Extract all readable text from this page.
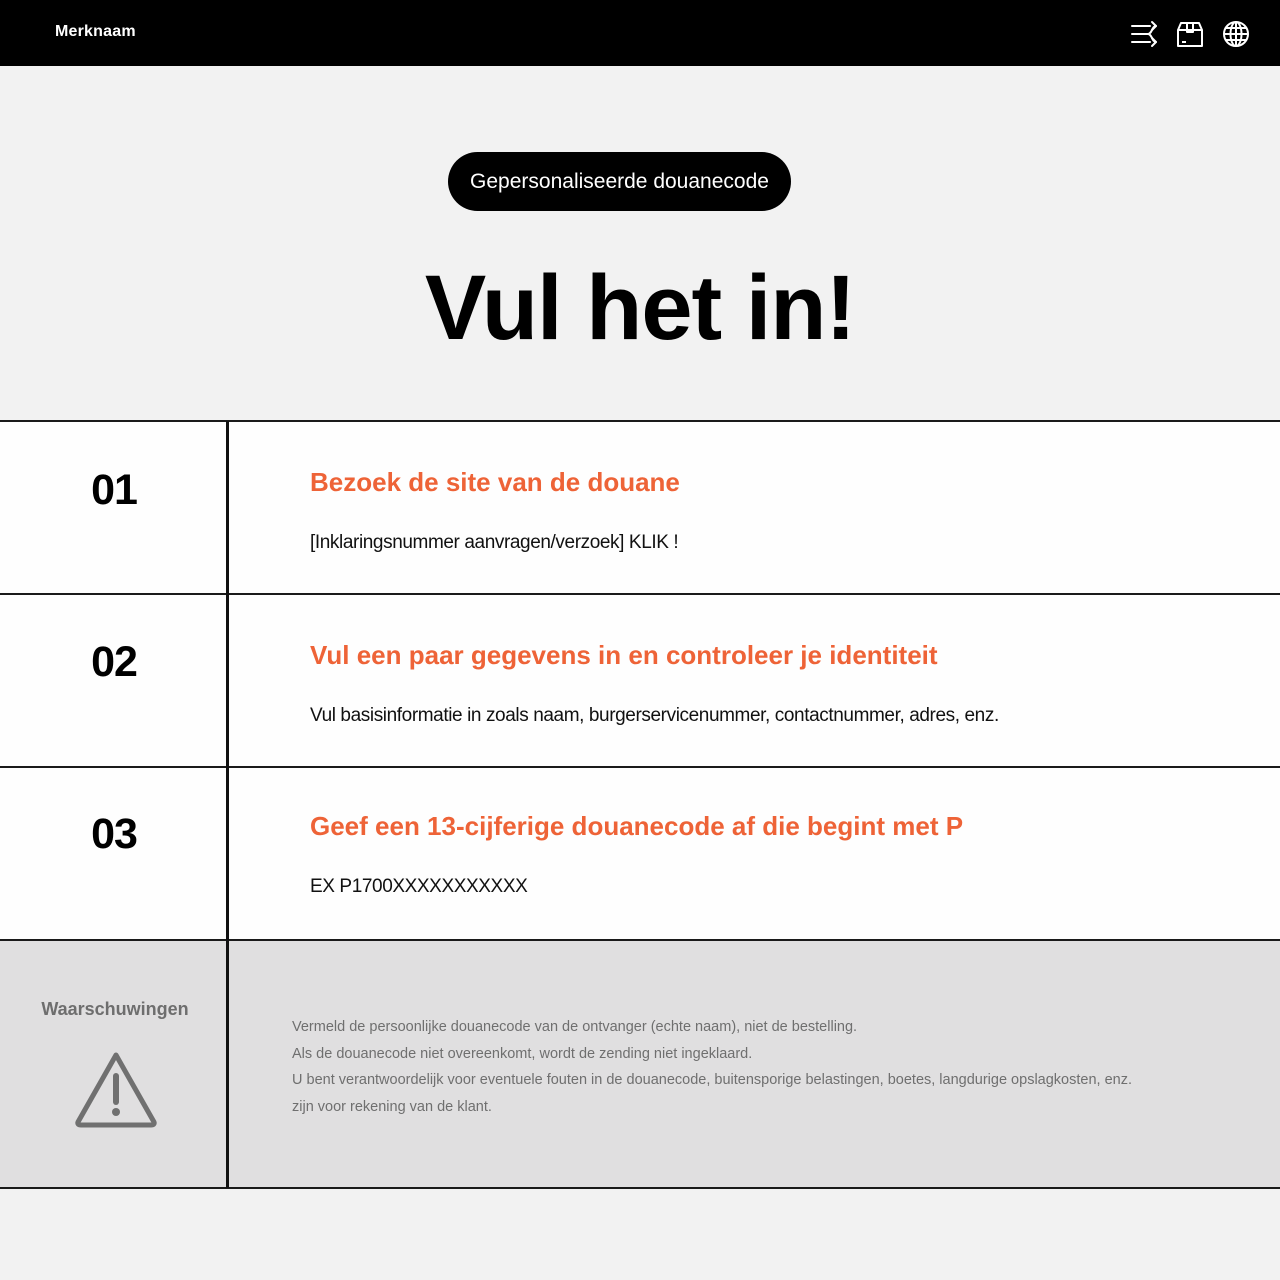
Merknaam
Gepersonaliseerde douanecode
Vul het in!
01	Bezoek de site van de douane
[Inklaringsnummer aanvragen/verzoek] KLIK !
02	Vul een paar gegevens in en controleer je identiteit
Vul basisinformatie in zoals naam, burgerservicenummer, contactnummer, adres, enz.
03	Geef een 13-cijferige douanecode af die begint met P
EX P1700XXXXXXXXXXX
Waarschuwingen
Vermeld de persoonlijke douanecode van de ontvanger (echte naam), niet de bestelling.
Als de douanecode niet overeenkomt, wordt de zending niet ingeklaard.
U bent verantwoordelijk voor eventuele fouten in de douanecode, buitensporige belastingen, boetes, langdurige opslagkosten, enz.
zijn voor rekening van de klant.
